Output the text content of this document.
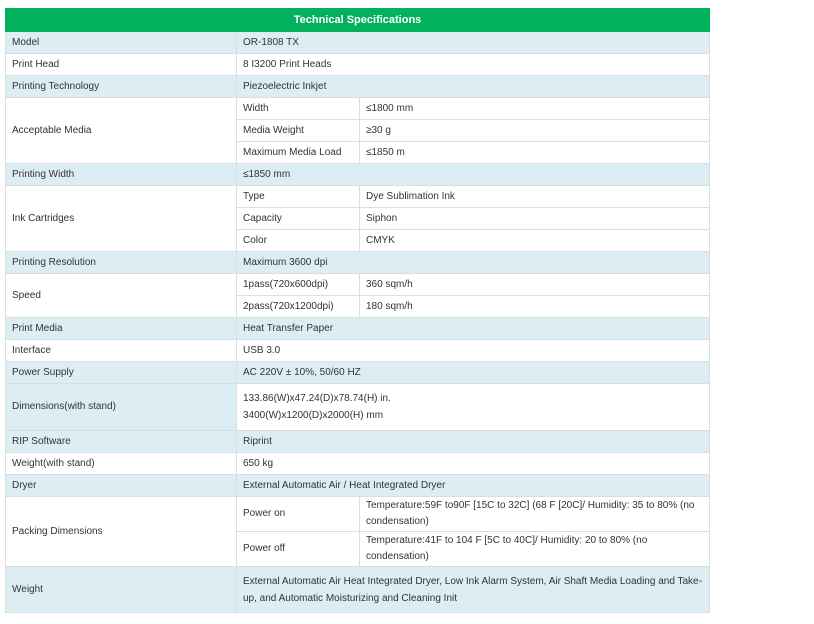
Technical Specifications		
Model	OR-1808 TX	
Print Head	8 I3200 Print Heads	
Printing Technology	Piezoelectric Inkjet	
Acceptable Media	Width	≤1800 mm
	Media Weight	≥30 g
	Maximum Media Load	≤1850 m
Printing Width	≤1850 mm	
Ink Cartridges	Type	Dye Sublimation Ink
	Capacity	Siphon
	Color	CMYK
Printing Resolution	Maximum 3600 dpi	
Speed	1pass(720x600dpi)	360 sqm/h
	2pass(720x1200dpi)	180 sqm/h
Print Media	Heat Transfer Paper	
Interface	USB 3.0	
Power Supply	AC 220V ± 10%, 50/60 HZ	
Dimensions(with stand)	133.86(W)x47.24(D)x78.74(H) in.
3400(W)x1200(D)x2000(H) mm	

RIP Software	Riprint	
Weight(with stand)	650 kg	
Dryer	External Automatic Air / Heat Integrated Dryer	
Packing Dimensions	Power on	Temperature:59F to90F [15C to 32C] (68 F [20C]/ Humidity: 35 to 80% (no condensation)
	Power off	Temperature:41F to 104 F [5C to 40C]/ Humidity: 20 to 80% (no condensation)
Weight	External Automatic Air Heat Integrated Dryer, Low Ink Alarm System, Air Shaft Media Loading and Take-up, and Automatic Moisturizing and Cleaning Init	
